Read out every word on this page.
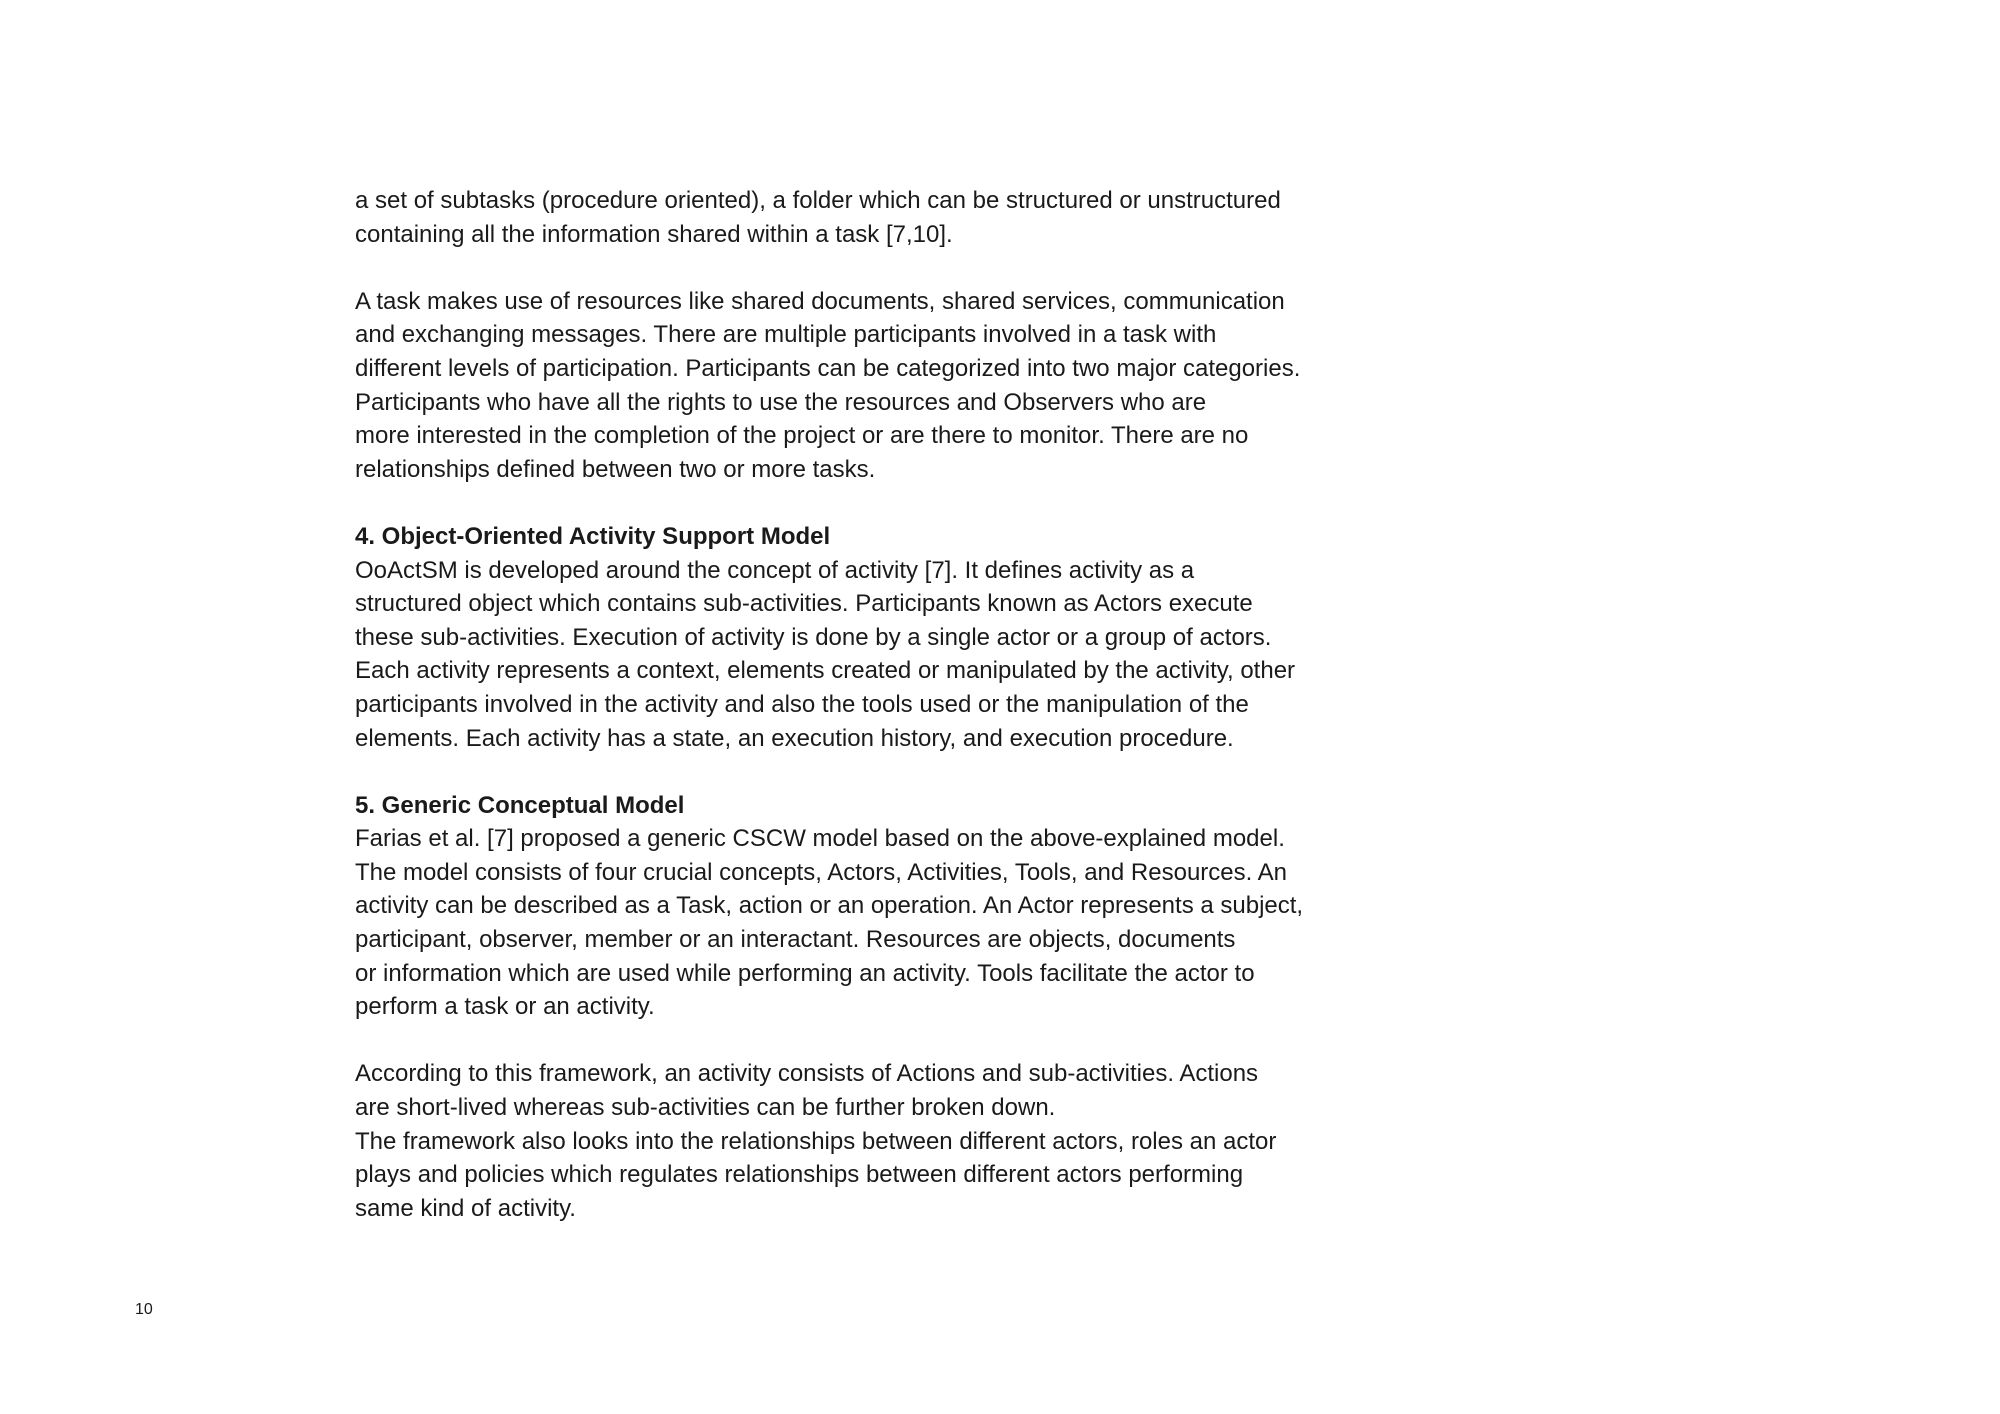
a set of subtasks (procedure oriented), a folder which can be structured or unstructured
containing all the information shared within a task [7,10].
A task makes use of resources like shared documents, shared services, communication
and exchanging messages. There are multiple participants involved in a task with
different levels of participation. Participants can be categorized into two major categories.
Participants who have all the rights to use the resources and Observers who are
more interested in the completion of the project or are there to monitor. There are no
relationships defined between two or more tasks.
4. Object-Oriented Activity Support Model
OoActSM is developed around the concept of activity [7]. It defines activity as a
structured object which contains sub-activities. Participants known as Actors execute
these sub-activities. Execution of activity is done by a single actor or a group of actors.
Each activity represents a context, elements created or manipulated by the activity, other
participants involved in the activity and also the tools used or the manipulation of the
elements. Each activity has a state, an execution history, and execution procedure.
5. Generic Conceptual Model
Farias et al. [7] proposed a generic CSCW model based on the above-explained model.
The model consists of four crucial concepts, Actors, Activities, Tools, and Resources. An
activity can be described as a Task, action or an operation. An Actor represents a subject,
participant, observer, member or an interactant. Resources are objects, documents
or information which are used while performing an activity. Tools facilitate the actor to
perform a task or an activity.
According to this framework, an activity consists of Actions and sub-activities. Actions
are short-lived whereas sub-activities can be further broken down.
The framework also looks into the relationships between different actors, roles an actor
plays and policies which regulates relationships between different actors performing
same kind of activity.
10
